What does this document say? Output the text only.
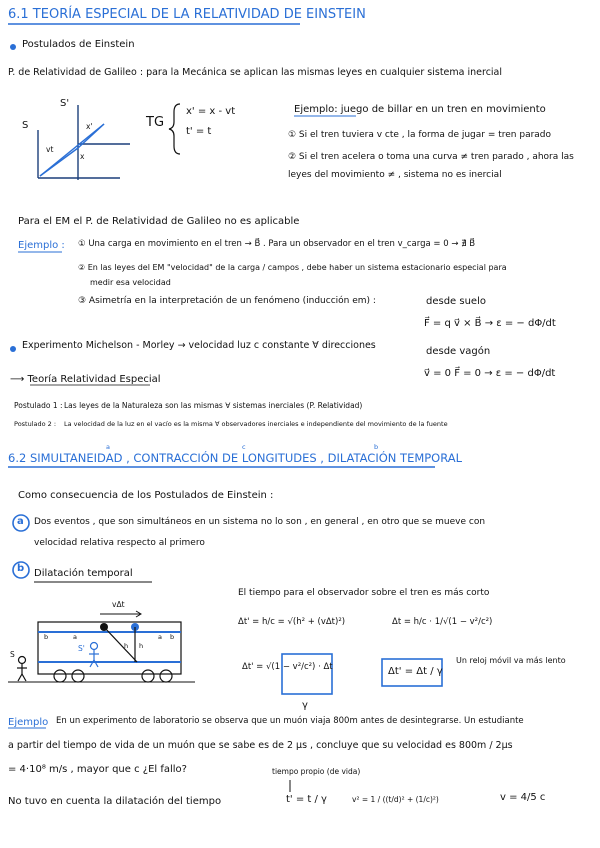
6.1 TEORÍA ESPECIAL DE LA RELATIVIDAD DE EINSTEIN
Postulados de Einstein
P. de Relatividad de Galileo : para la Mecánica se aplican las mismas leyes en cualquier sistema inercial
S'
S	x'
vt
x
TG
x' = x - vt
t' = t
Ejemplo: juego de billar en un tren en movimiento
① Si el tren tuviera v cte , la forma de jugar = tren parado
② Si el tren acelera o toma una curva ≠ tren parado , ahora las
leyes del movimiento ≠ , sistema no es inercial
Para el EM el P. de Relatividad de Galileo no es aplicable
Ejemplo : ① Una carga en movimiento en el tren → B⃗ . Para un observador en el tren v_carga = 0 → ∄ B⃗
② En las leyes del EM "velocidad" de la carga / campos , debe haber un sistema estacionario especial para
medir esa velocidad
③ Asimetría en la interpretación de un fenómeno (inducción em) :	desde suelo
F⃗ = q v⃗ × B⃗ → ε = − dΦ/dt
desde vagón
v⃗ = 0 F⃗ = 0 → ε = − dΦ/dt
Experimento Michelson - Morley → velocidad luz c constante ∀ direcciones
⟶ Teoría Relatividad Especial
Postulado 1 : Las leyes de la Naturaleza son las mismas ∀ sistemas inerciales (P. Relatividad)
Postulado 2 : La velocidad de la luz en el vacío es la misma ∀ observadores inerciales e independiente del movimiento de la fuente
a	c	b
6.2 SIMULTANEIDAD , CONTRACCIÓN DE LONGITUDES , DILATACIÓN TEMPORAL
Como consecuencia de los Postulados de Einstein :
a Dos eventos , que son simultáneos en un sistema no lo son , en general , en otro que se mueve con
velocidad relativa respecto al primero
b Dilatación temporal
vΔt
b	a	a b
h h
S'
S
El tiempo para el observador sobre el tren es más corto
Δt' = h/c = √(h² + (vΔt)²)	Δt = h/c · 1/√(1 − v²/c²)
Δt' = √(1 − v²/c²) · Δt
γ
Δt' = Δt / γ
Un reloj móvil va más lento
Ejemplo En un experimento de laboratorio se observa que un muón viaja 800m antes de desintegrarse. Un estudiante
a partir del tiempo de vida de un muón que se sabe es de 2 μs , concluye que su velocidad es 800m / 2μs
= 4·10⁸ m/s , mayor que c ¿El fallo?	tiempo propio (de vida)
No tuvo en cuenta la dilatación del tiempo	t' = t / γ	v² = 1 / ((t/d)² + (1/c)²)	v = 4/5 c
